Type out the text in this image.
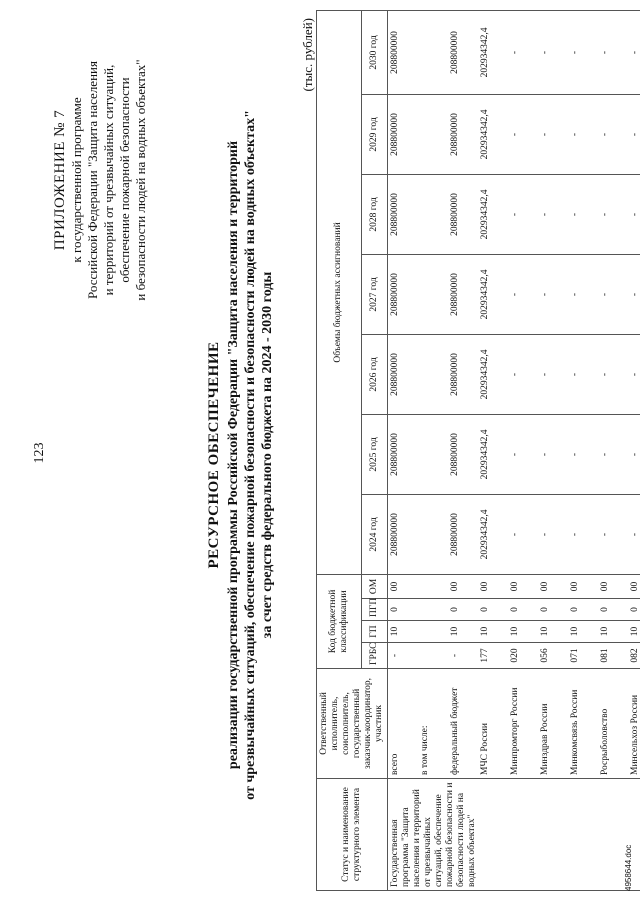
123
ПРИЛОЖЕНИЕ № 7 к государственной программе Российской Федерации "Защита населения и территорий от чрезвычайных ситуаций, обеспечение пожарной безопасности и безопасности людей на водных объектах"
РЕСУРСНОЕ ОБЕСПЕЧЕНИЕ реализации государственной программы Российской Федерации "Защита населения и территорий от чрезвычайных ситуаций, обеспечение пожарной безопасности и безопасности людей на водных объектах" за счет средств федерального бюджета на 2024 - 2030 годы
(тыс. рублей)
Статус и наименование структурного элемента	Ответственный исполнитель, соисполнитель, государственный заказчик-координатор, участник	Код бюджетной классификации				Объемы бюджетных ассигнований						
		ГРБС	ГП	ПГП	ОМ	2024 год	2025 год	2026 год	2027 год	2028 год	2029 год	2030 год
Государственная программа "Защита населения и территорий от чрезвычайных ситуаций, обеспечение пожарной безопасности и безопасности людей на водных объектах"	всего	-	10	0	00	208800000	208800000	208800000	208800000	208800000	208800000	208800000
	в том числе:											
	федеральный бюджет	-	10	0	00	208800000	208800000	208800000	208800000	208800000	208800000	208800000
	МЧС России	177	10	0	00	202934342,4	202934342,4	202934342,4	202934342,4	202934342,4	202934342,4	202934342,4
	Минпромторг России	020	10	0	00	-	-	-	-	-	-	-
	Минздрав России	056	10	0	00	-	-	-	-	-	-	-
	Минкомсвязь России	071	10	0	00	-	-	-	-	-	-	-
	Росрыболовство	081	10	0	00	-	-	-	-	-	-	-
	Минсельхоз России	082	10	0	00	-	-	-	-	-	-	-
4958644.doc
